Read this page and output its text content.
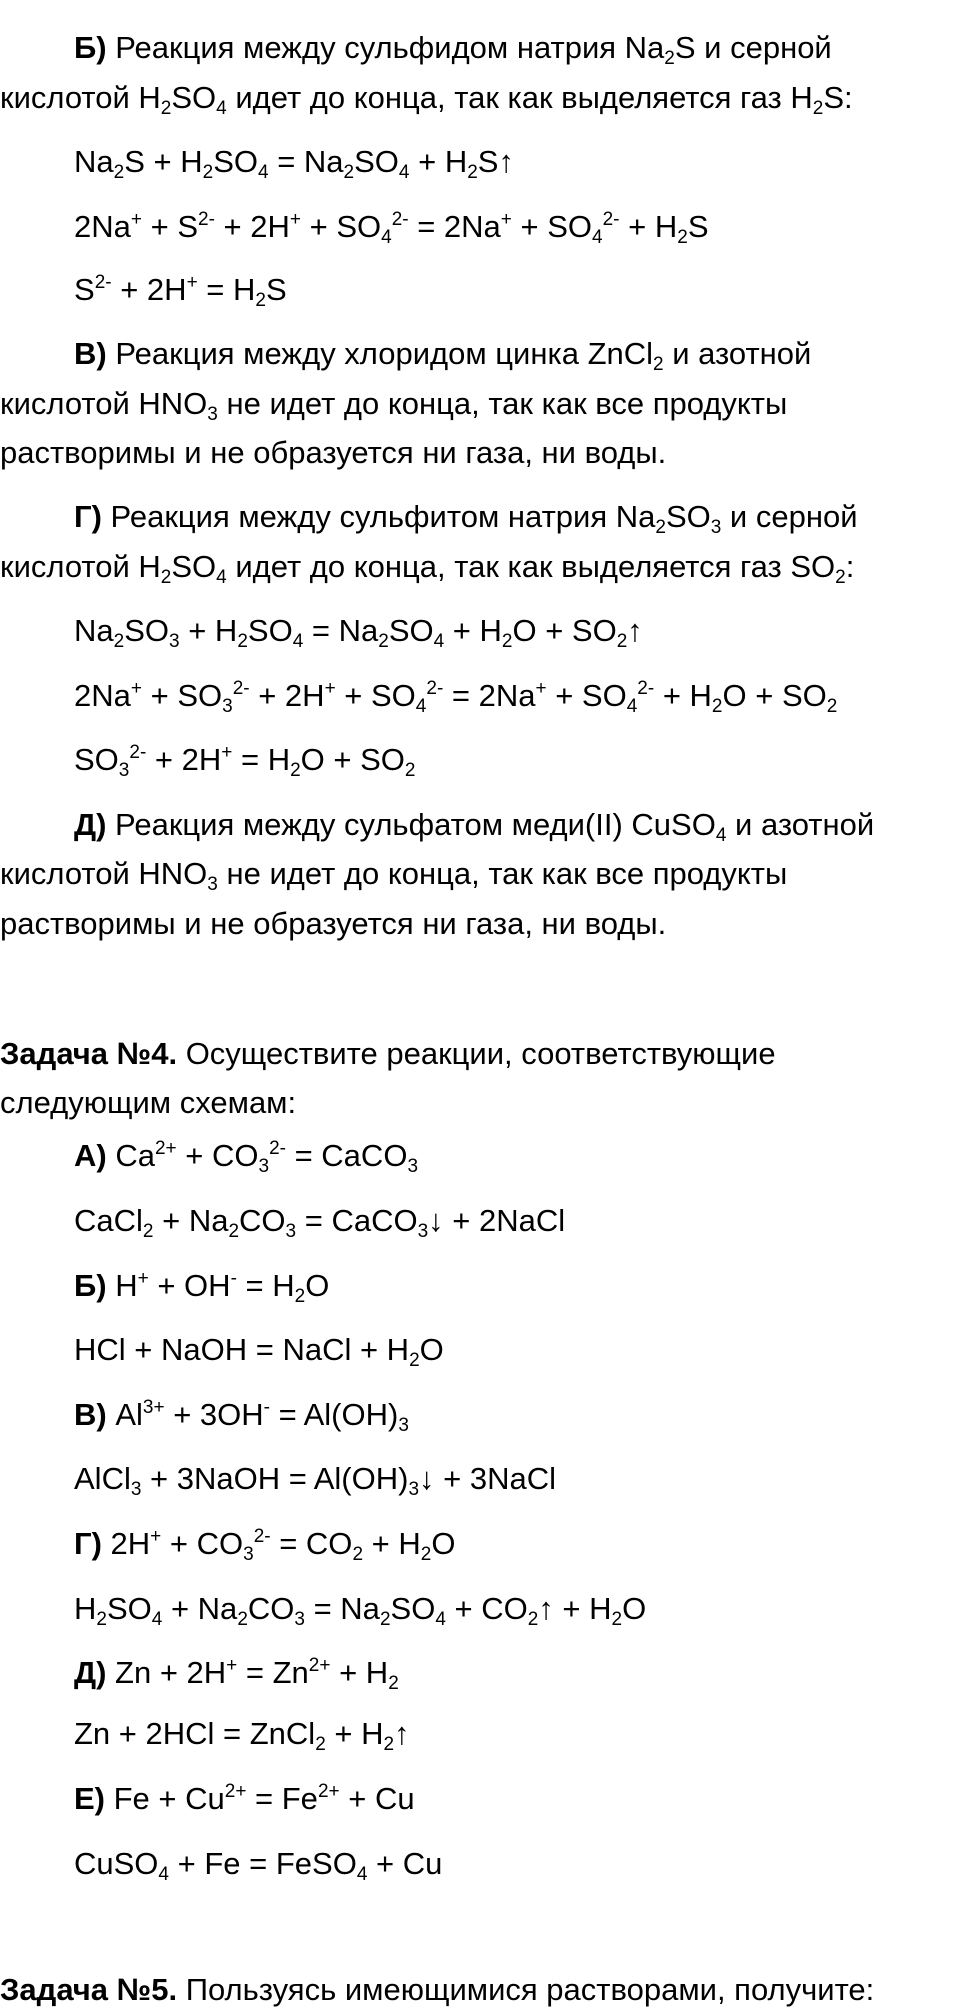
Б) Реакция между сульфидом натрия $Na_2S$ и серной
кислотой $H_2SO_4$ идет до конца, так как выделяется газ $H_2S$:
$Na_2S + H_2SO_4 = Na_2SO_4$ + $H_2S↑$
$2Na^+ + S^{2-} + 2H^+ + SO_4^{2-} = 2Na^+ + SO_4^{2-} + H_2S$
$S^{2-} + 2H^+ = H_2S$
В) Реакция между хлоридом цинка ZnCl$_2$ и азотной
кислотой $HNO_3$ не идет до конца, так как все продукты
растворимы и не образуется ни газа, ни воды.
Г) Реакция между сульфитом натрия $Na_2SO_3$ и серной
кислотой $H_2SO_4$ идет до конца, так как выделяется газ $SO_2$:
$Na_2SO_3 + H_2SO_4 = Na_2SO_4 + H_2O$ + $SO_2↑$
$2Na^+ + SO_3^{2-} + 2H^+ + SO_4^{2-} = 2Na^+ + SO_4^{2-} + H_2O + SO_2$
$SO_3^{2-} + 2H^+ = H_2O + SO_2$
Д) Реакция между сульфатом меди(II) CuSO$_4$ и азотной
кислотой $HNO_3$ не идет до конца, так как все продукты
растворимы и не образуется ни газа, ни воды.
Задача №4. Осуществите реакции, соответствующие
следующим схемам:
А) $Ca^{2+} + CO_3^{2-}$ = CaCO$_3$
CaCl$_2$ + $Na_2CO_3$ = CaCO$_3$↓ + 2NaCl
Б) $H^+ + OH^- = H_2O$
HCl + NaOH = NaCl + $H_2O$
В) $Al^{3+} + 3OH^- = Al(OH)_3$
AlCl$_3$ + 3NaOH = $Al(OH)_3↓$ + 3NaCl
Г) $2H^+ + CO_3^{2-} = CO_2 + H_2O$
$H_2SO_4 + Na_2CO_3 = Na_2SO_4$ + $CO_2↑ + H_2O$
Д) $Zn + 2H^+ = Zn^{2+} + H_2$
Zn + 2HCl = ZnCl$_2$ + $H_2↑$
Е) $Fe + Cu^{2+} = Fe^{2+} + Cu$
CuSO$_4$ + Fe = FeSO$_4$ + Cu
Задача №5. Пользуясь имеющимися растворами, получите:
